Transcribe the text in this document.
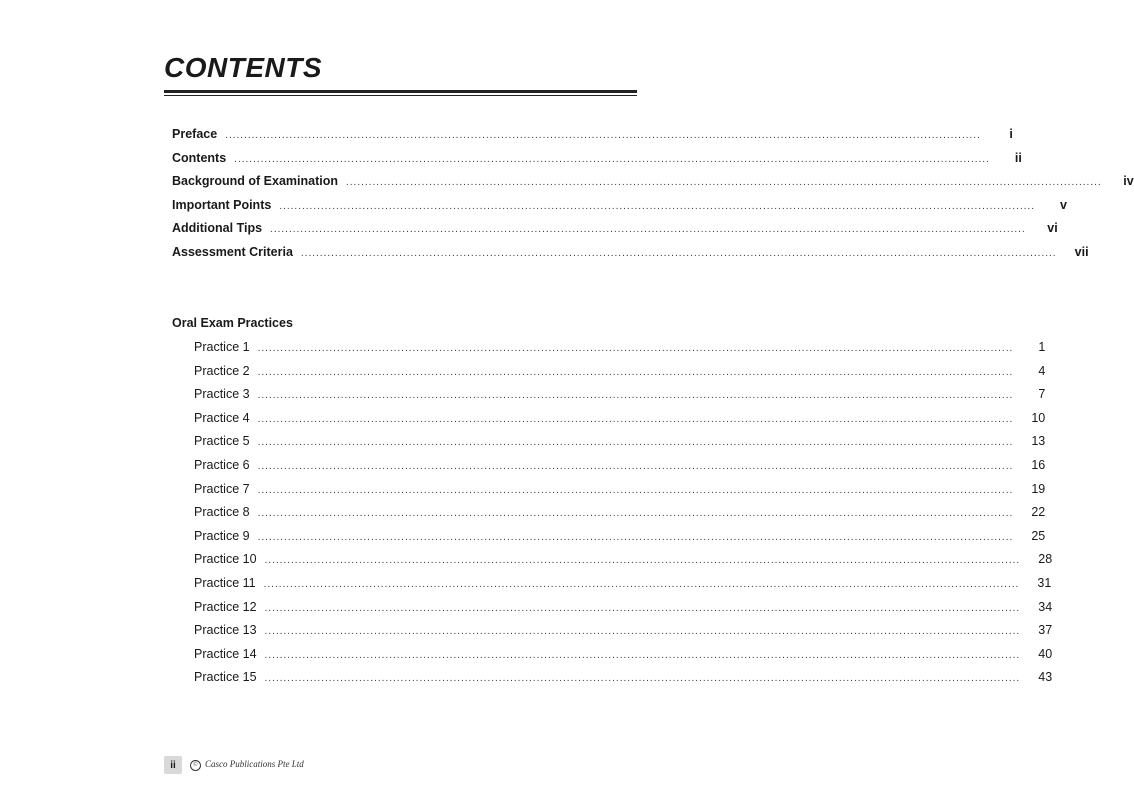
CONTENTS
Preface ........................................................................................................................................................................................................	i
Contents ........................................................................................................................................................................................................	ii
Background of Examination ........................................................................................................................................................................................................	iv
Important Points ........................................................................................................................................................................................................	v
Additional Tips ........................................................................................................................................................................................................	vi
Assessment Criteria ........................................................................................................................................................................................................	vii
Oral Exam Practices
Practice 1 ........................................................................................................................................................................................................	1
Practice 2 ........................................................................................................................................................................................................	4
Practice 3 ........................................................................................................................................................................................................	7
Practice 4 ........................................................................................................................................................................................................	10
Practice 5 ........................................................................................................................................................................................................	13
Practice 6 ........................................................................................................................................................................................................	16
Practice 7 ........................................................................................................................................................................................................	19
Practice 8 ........................................................................................................................................................................................................	22
Practice 9 ........................................................................................................................................................................................................	25
Practice 10 ........................................................................................................................................................................................................	28
Practice 11 ........................................................................................................................................................................................................	31
Practice 12 ........................................................................................................................................................................................................	34
Practice 13 ........................................................................................................................................................................................................	37
Practice 14 ........................................................................................................................................................................................................	40
Practice 15 ........................................................................................................................................................................................................	43
ii	© Casco Publications Pte Ltd
